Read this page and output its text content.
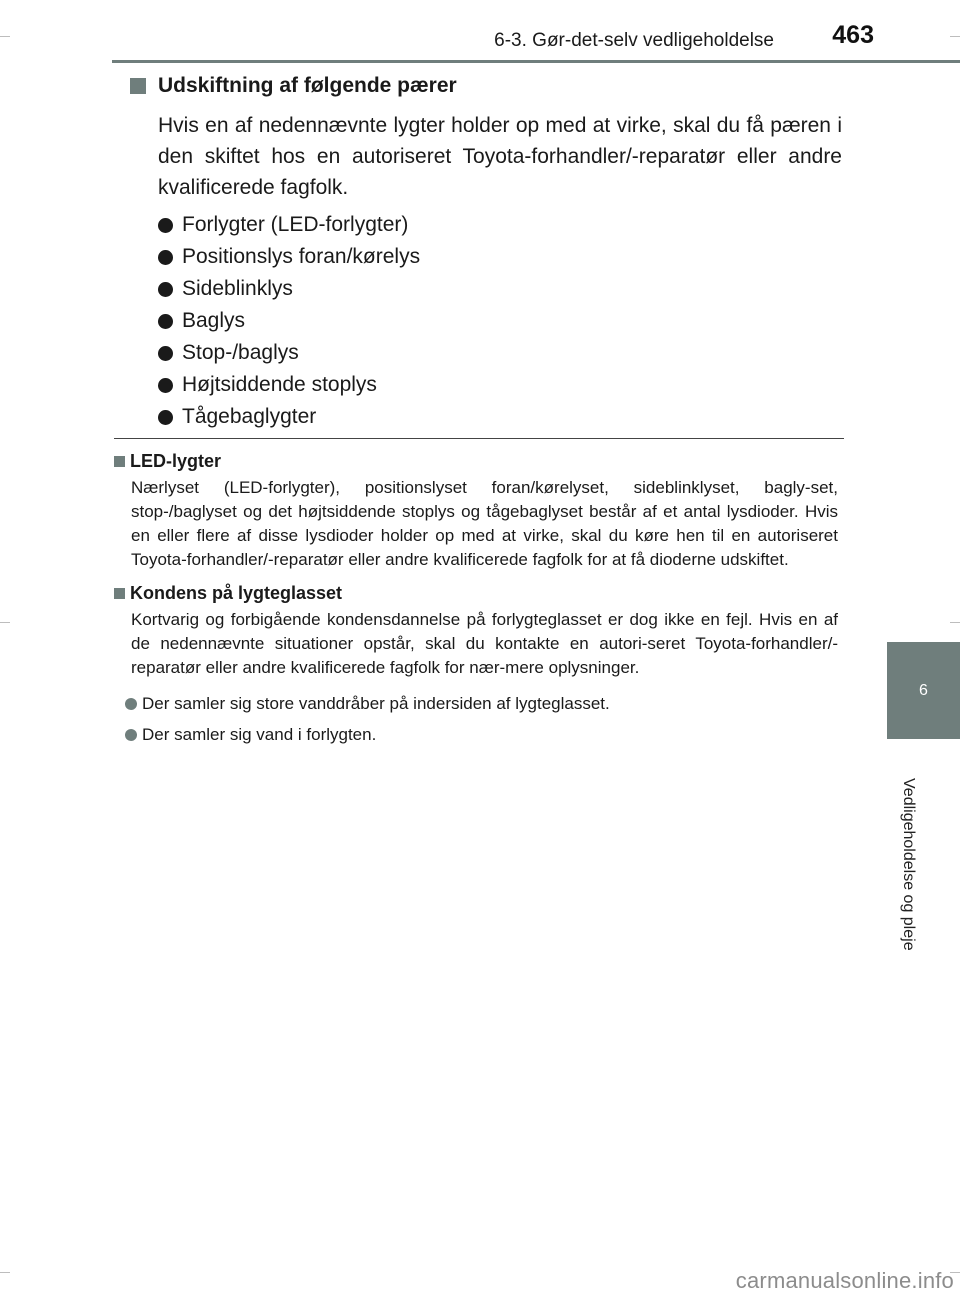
6-3. Gør-det-selv vedligeholdelse 463
6
Vedligeholdelse og pleje
Udskiftning af følgende pærer
Hvis en af nedennævnte lygter holder op med at virke, skal du få pæren i den skiftet hos en autoriseret Toyota-forhandler/-reparatør eller andre kvalificerede fagfolk.
Forlygter (LED-forlygter)
Positionslys foran/kørelys
Sideblinklys
Baglys
Stop-/baglys
Højtsiddende stoplys
Tågebaglygter
LED-lygter
Nærlyset (LED-forlygter), positionslyset foran/kørelyset, sideblinklyset, bagly-set, stop-/baglyset og det højtsiddende stoplys og tågebaglyset består af et antal lysdioder. Hvis en eller flere af disse lysdioder holder op med at virke, skal du køre hen til en autoriseret Toyota-forhandler/-reparatør eller andre kvalificerede fagfolk for at få dioderne udskiftet.
Kondens på lygteglasset
Kortvarig og forbigående kondensdannelse på forlygteglasset er dog ikke en fejl. Hvis en af de nedennævnte situationer opstår, skal du kontakte en autori-seret Toyota-forhandler/-reparatør eller andre kvalificerede fagfolk for nær-mere oplysninger.
Der samler sig store vanddråber på indersiden af lygteglasset.
Der samler sig vand i forlygten.
carmanualsonline.info
